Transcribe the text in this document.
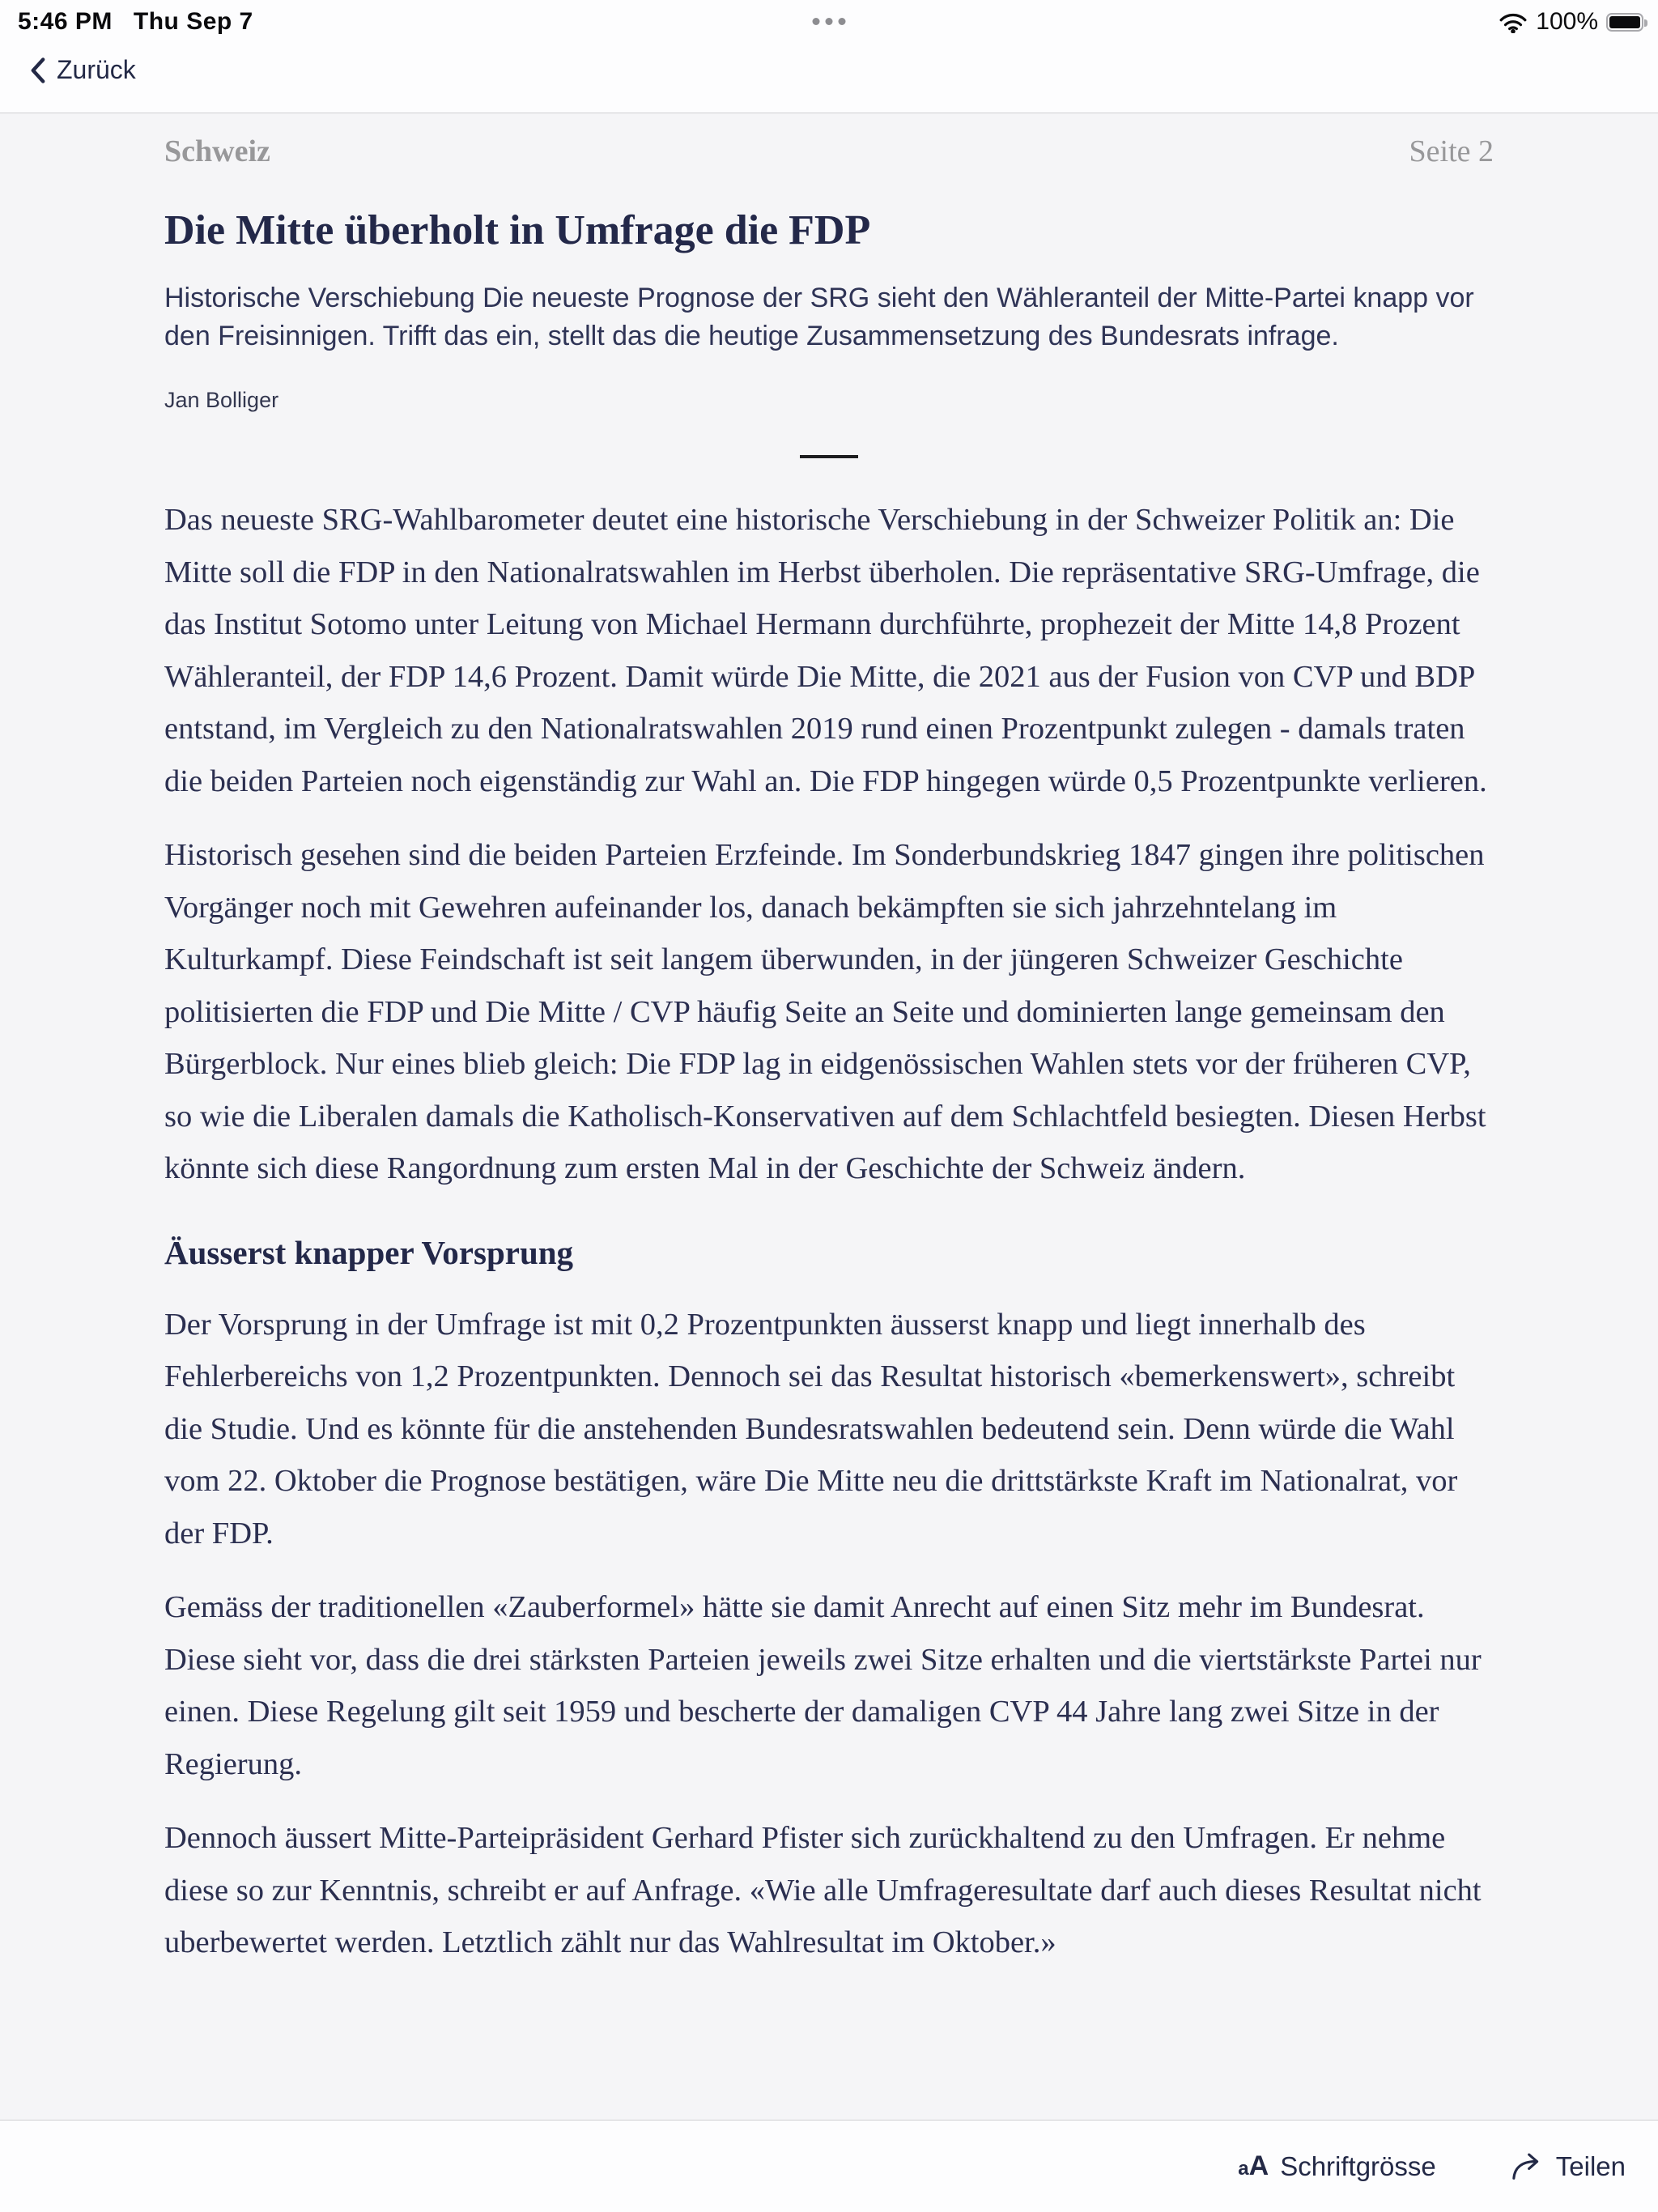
5:46 PM Thu Sep 7	100%
Zurück
Schweiz	Seite 2
Die Mitte überholt in Umfrage die FDP
Historische Verschiebung Die neueste Prognose der SRG sieht den Wähleranteil der Mitte-Partei knapp vor den Freisinnigen. Trifft das ein, stellt das die heutige Zusammensetzung des Bundesrats infrage.
Jan Bolliger

Das neueste SRG-Wahlbarometer deutet eine historische Verschiebung in der Schweizer Politik an: Die Mitte soll die FDP in den Nationalratswahlen im Herbst überholen. Die repräsentative SRG-Umfrage, die das Institut Sotomo unter Leitung von Michael Hermann durchführte, prophezeit der Mitte 14,8 Prozent Wähleranteil, der FDP 14,6 Prozent. Damit würde Die Mitte, die 2021 aus der Fusion von CVP und BDP entstand, im Vergleich zu den Nationalratswahlen 2019 rund einen Prozentpunkt zulegen - damals traten die beiden Parteien noch eigenständig zur Wahl an. Die FDP hingegen würde 0,5 Prozentpunkte verlieren.

Historisch gesehen sind die beiden Parteien Erzfeinde. Im Sonderbundskrieg 1847 gingen ihre politischen Vorgänger noch mit Gewehren aufeinander los, danach bekämpften sie sich jahrzehntelang im Kulturkampf. Diese Feindschaft ist seit langem überwunden, in der jüngeren Schweizer Geschichte politisierten die FDP und Die Mitte / CVP häufig Seite an Seite und dominierten lange gemeinsam den Bürgerblock. Nur eines blieb gleich: Die FDP lag in eidgenössischen Wahlen stets vor der früheren CVP, so wie die Liberalen damals die Katholisch-Konservativen auf dem Schlachtfeld besiegten. Diesen Herbst könnte sich diese Rangordnung zum ersten Mal in der Geschichte der Schweiz ändern.

Äusserst knapper Vorsprung

Der Vorsprung in der Umfrage ist mit 0,2 Prozentpunkten äusserst knapp und liegt innerhalb des Fehlerbereichs von 1,2 Prozentpunkten. Dennoch sei das Resultat historisch «bemerkenswert», schreibt die Studie. Und es könnte für die anstehenden Bundesratswahlen bedeutend sein. Denn würde die Wahl vom 22. Oktober die Prognose bestätigen, wäre Die Mitte neu die drittstärkste Kraft im Nationalrat, vor der FDP.

Gemäss der traditionellen «Zauberformel» hätte sie damit Anrecht auf einen Sitz mehr im Bundesrat. Diese sieht vor, dass die drei stärksten Parteien jeweils zwei Sitze erhalten und die viertstärkste Partei nur einen. Diese Regelung gilt seit 1959 und bescherte der damaligen CVP 44 Jahre lang zwei Sitze in der Regierung.

Dennoch äussert Mitte-Parteipräsident Gerhard Pfister sich zurückhaltend zu den Umfragen. Er nehme diese so zur Kenntnis, schreibt er auf Anfrage. «Wie alle Umfrageresultate darf auch dieses Resultat nicht uberbewertet werden. Letztlich zählt nur das Wahlresultat im Oktober.»

a A Schriftgrösse	Teilen
